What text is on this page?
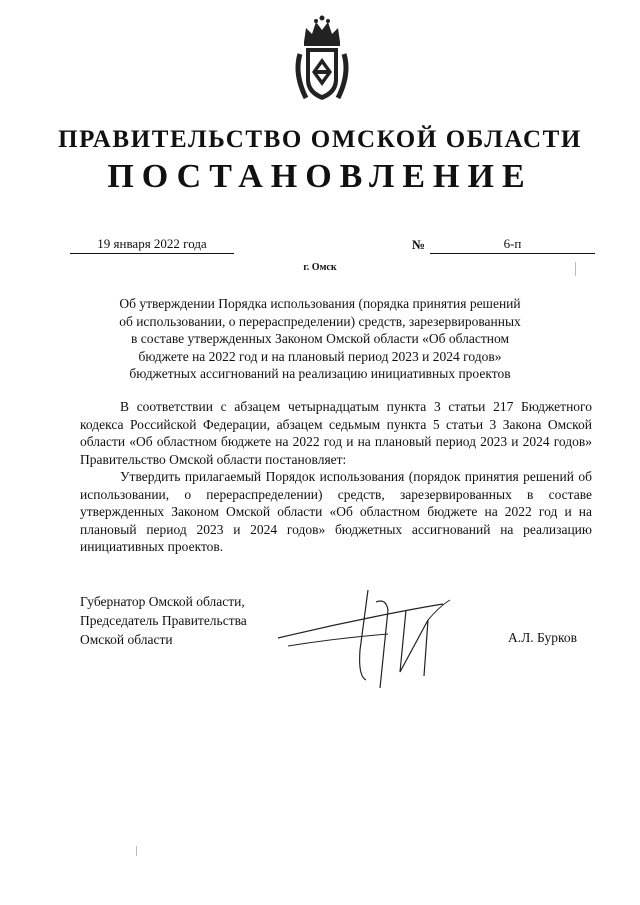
ПРАВИТЕЛЬСТВО ОМСКОЙ ОБЛАСТИ
ПОСТАНОВЛЕНИЕ
19 января 2022 года	№	6-п
г. Омск
Об утверждении Порядка использования (порядка принятия решений
об использовании, о перераспределении) средств, зарезервированных
в составе утвержденных Законом Омской области «Об областном
бюджете на 2022 год и на плановый период 2023 и 2024 годов»
бюджетных ассигнований на реализацию инициативных проектов

В соответствии с абзацем четырнадцатым пункта 3 статьи 217 Бюджетного кодекса Российской Федерации, абзацем седьмым пункта 5 статьи 3 Закона Омской области «Об областном бюджете на 2022 год и на плановый период 2023 и 2024 годов» Правительство Омской области постановляет:

Утвердить прилагаемый Порядок использования (порядок принятия решений об использовании, о перераспределении) средств, зарезервированных в составе утвержденных Законом Омской области «Об областном бюджете на 2022 год и на плановый период 2023 и 2024 годов» бюджетных ассигнований на реализацию инициативных проектов.

Губернатор Омской области,
Председатель Правительства
Омской области	А.Л. Бурков
